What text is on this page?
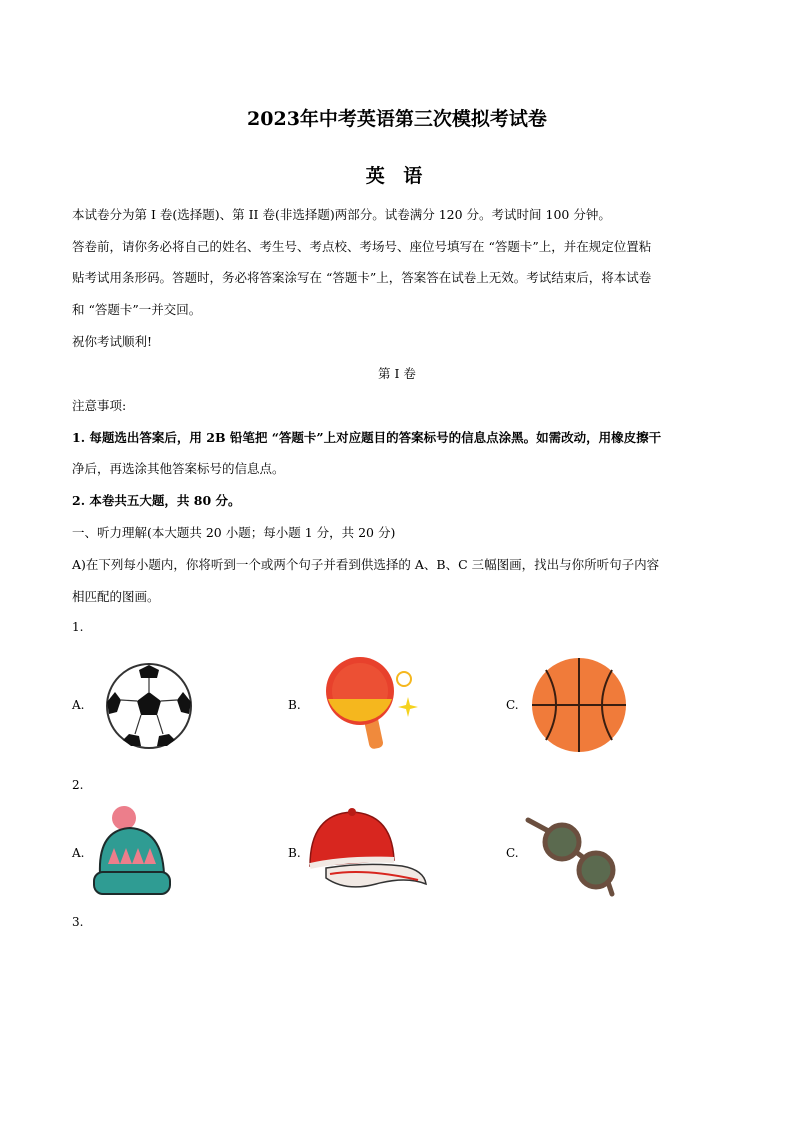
2023年中考英语第三次模拟考试卷
英 语
本试卷分为第 I 卷(选择题)、第 II 卷(非选择题)两部分。试卷满分 120 分。考试时间 100 分钟。
答卷前，请你务必将自己的姓名、考生号、考点校、考场号、座位号填写在 “答题卡”上，并在规定位置粘
贴考试用条形码。答题时，务必将答案涂写在 “答题卡”上，答案答在试卷上无效。考试结束后，将本试卷
和 “答题卡”一并交回。
祝你考试顺利!
第 I 卷
注意事项:
1. 每题选出答案后，用 2B 铅笔把 “答题卡”上对应题目的答案标号的信息点涂黑。如需改动，用橡皮擦干
净后，再选涂其他答案标号的信息点。
2. 本卷共五大题，共 80 分。
一、听力理解(本大题共 20 小题；每小题 1 分，共 20 分)
A)在下列每小题内，你将听到一个或两个句子并看到供选择的 A、B、C 三幅图画，找出与你所听句子内容
相匹配的图画。
1.
A.	B.	C.
2.
A.	B.	C.
3.
